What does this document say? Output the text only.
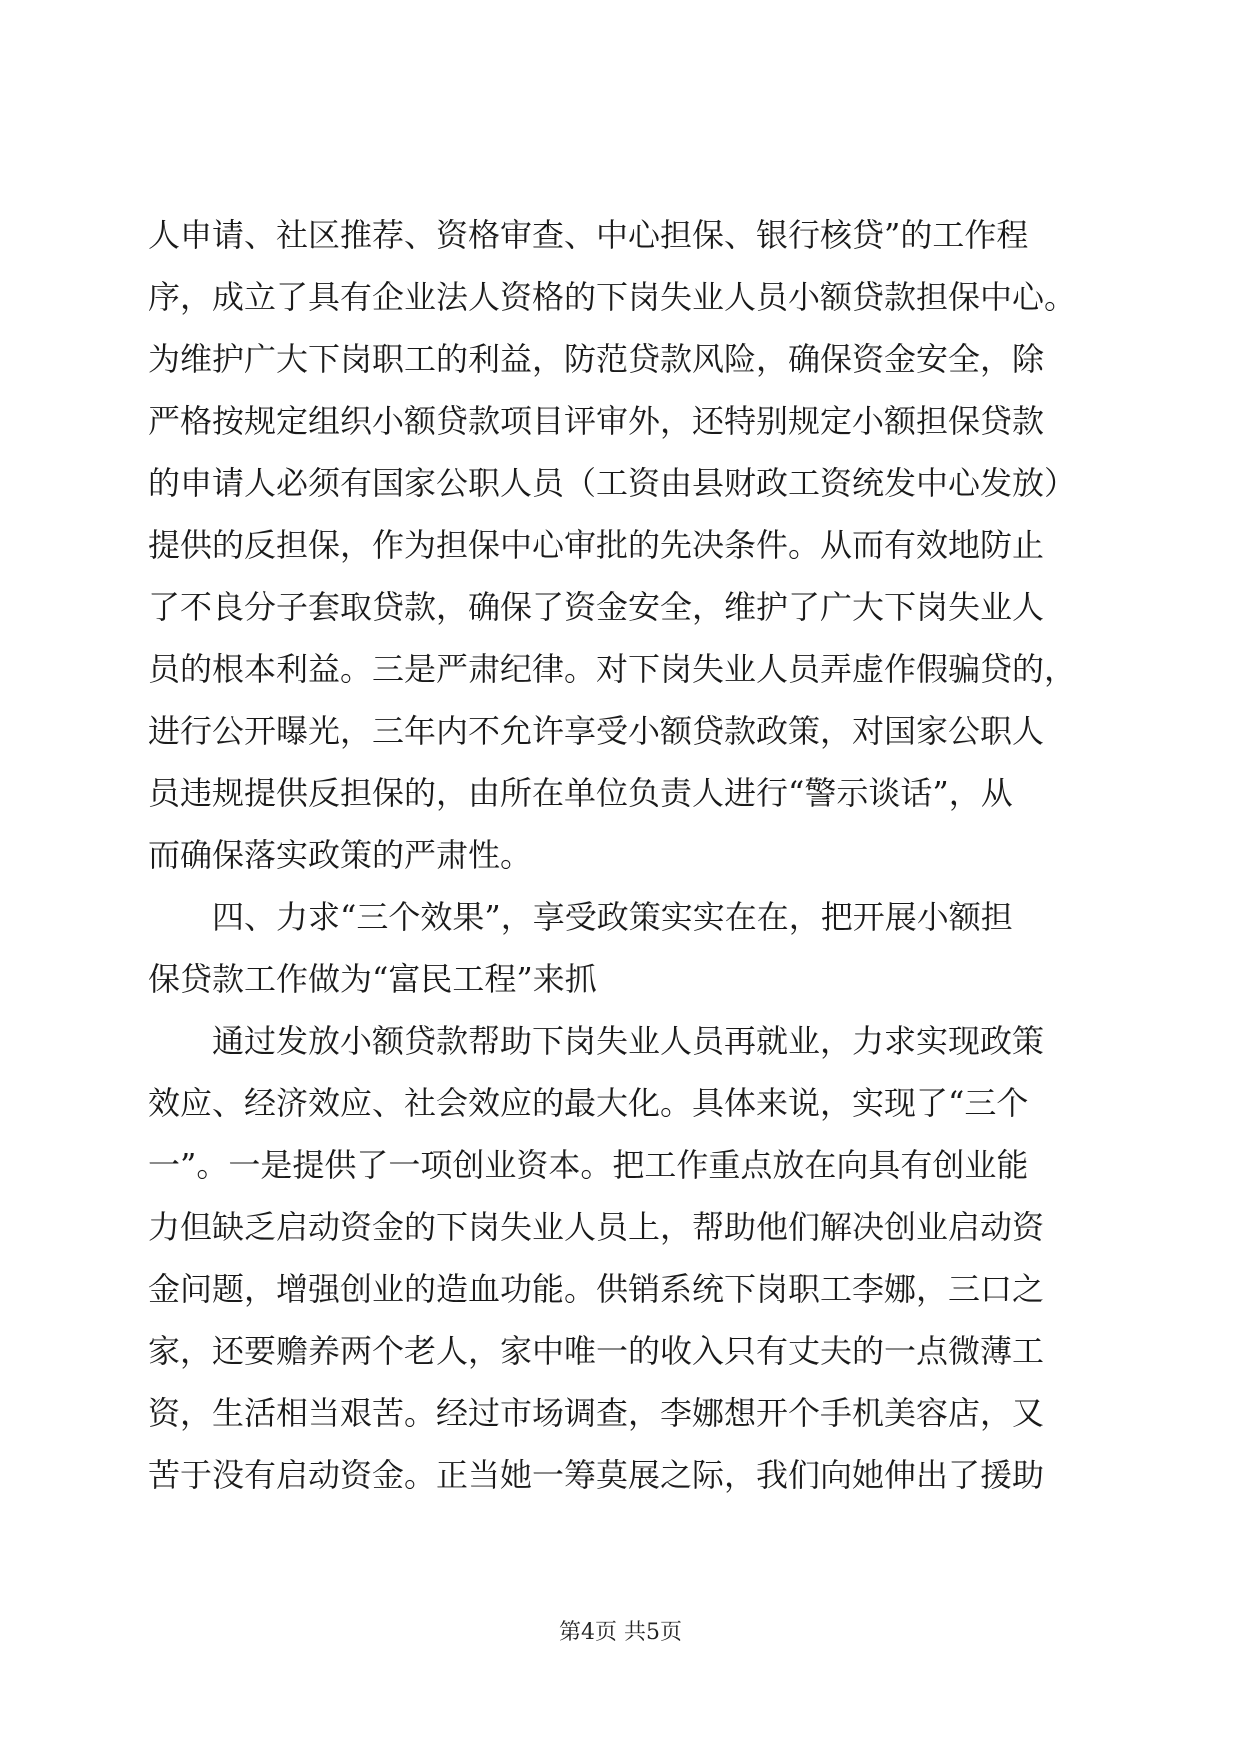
人申请、社区推荐、资格审查、中心担保、银行核贷”的工作程
序，成立了具有企业法人资格的下岗失业人员小额贷款担保中心。
为维护广大下岗职工的利益，防范贷款风险，确保资金安全，除
严格按规定组织小额贷款项目评审外，还特别规定小额担保贷款
的申请人必须有国家公职人员（工资由县财政工资统发中心发放）
提供的反担保，作为担保中心审批的先决条件。从而有效地防止
了不良分子套取贷款，确保了资金安全，维护了广大下岗失业人
员的根本利益。三是严肃纪律。对下岗失业人员弄虚作假骗贷的，
进行公开曝光，三年内不允许享受小额贷款政策，对国家公职人
员违规提供反担保的，由所在单位负责人进行“警示谈话”，从
而确保落实政策的严肃性。
四、力求“三个效果”，享受政策实实在在，把开展小额担
保贷款工作做为“富民工程”来抓
通过发放小额贷款帮助下岗失业人员再就业，力求实现政策
效应、经济效应、社会效应的最大化。具体来说，实现了“三个
一”。一是提供了一项创业资本。把工作重点放在向具有创业能
力但缺乏启动资金的下岗失业人员上，帮助他们解决创业启动资
金问题，增强创业的造血功能。供销系统下岗职工李娜，三口之
家，还要赡养两个老人，家中唯一的收入只有丈夫的一点微薄工
资，生活相当艰苦。经过市场调查，李娜想开个手机美容店，又
苦于没有启动资金。正当她一筹莫展之际，我们向她伸出了援助
第4页 共5页
